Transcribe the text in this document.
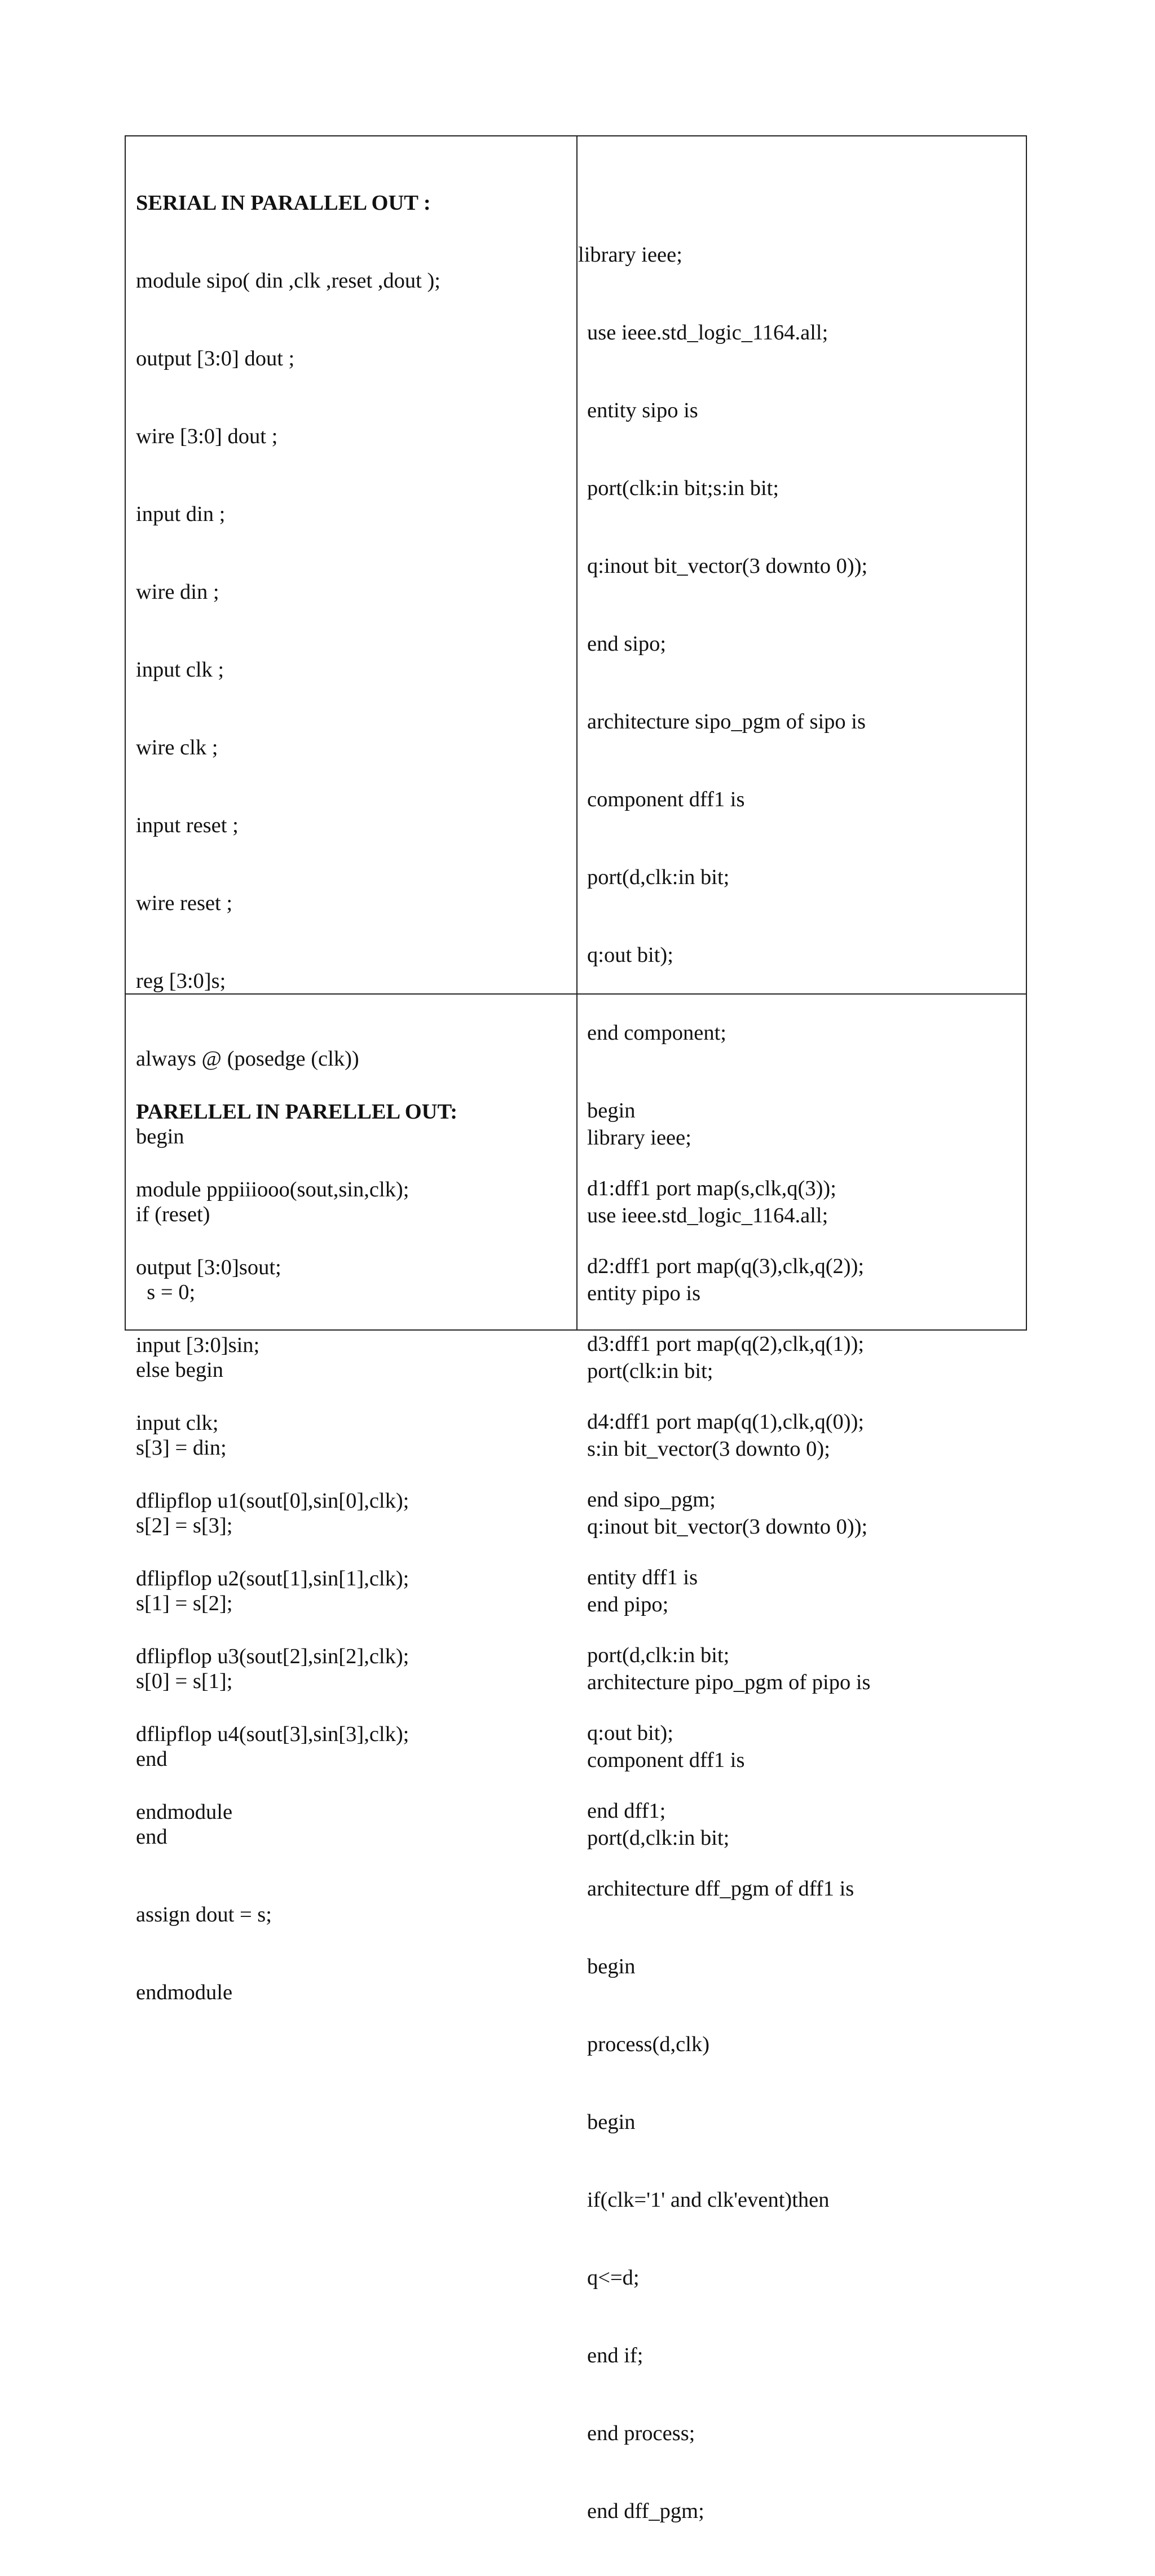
SERIAL IN PARALLEL OUT :

module sipo( din ,clk ,reset ,dout );

output [3:0] dout ;

wire [3:0] dout ;

input din ;

wire din ;

input clk ;

wire clk ;

input reset ;

wire reset ;

reg [3:0]s;

always @ (posedge (clk))

begin

if (reset)

s = 0;

else begin

s[3] = din;

s[2] = s[3];

s[1] = s[2];

s[0] = s[1];

end

end

assign dout = s;

endmodule

library ieee;

use ieee.std_logic_1164.all;

entity sipo is

port(clk:in bit;s:in bit;

q:inout bit_vector(3 downto 0));

end sipo;

architecture sipo_pgm of sipo is

component dff1 is

port(d,clk:in bit;

q:out bit);

end component;

begin

d1:dff1 port map(s,clk,q(3));

d2:dff1 port map(q(3),clk,q(2));

d3:dff1 port map(q(2),clk,q(1));

d4:dff1 port map(q(1),clk,q(0));

end sipo_pgm;

entity dff1 is

port(d,clk:in bit;

q:out bit);

end dff1;

architecture dff_pgm of dff1 is

begin

process(d,clk)

begin

if(clk='1' and clk'event)then

q<=d;

end if;

end process;

end dff_pgm;

PARELLEL IN PARELLEL OUT:

module pppiiiooo(sout,sin,clk);

output [3:0]sout;

input [3:0]sin;

input clk;

dflipflop u1(sout[0],sin[0],clk);

dflipflop u2(sout[1],sin[1],clk);

dflipflop u3(sout[2],sin[2],clk);

dflipflop u4(sout[3],sin[3],clk);

endmodule

library ieee;

use ieee.std_logic_1164.all;

entity pipo is

port(clk:in bit;

s:in bit_vector(3 downto 0);

q:inout bit_vector(3 downto 0));

end pipo;

architecture pipo_pgm of pipo is

component dff1 is

port(d,clk:in bit;
